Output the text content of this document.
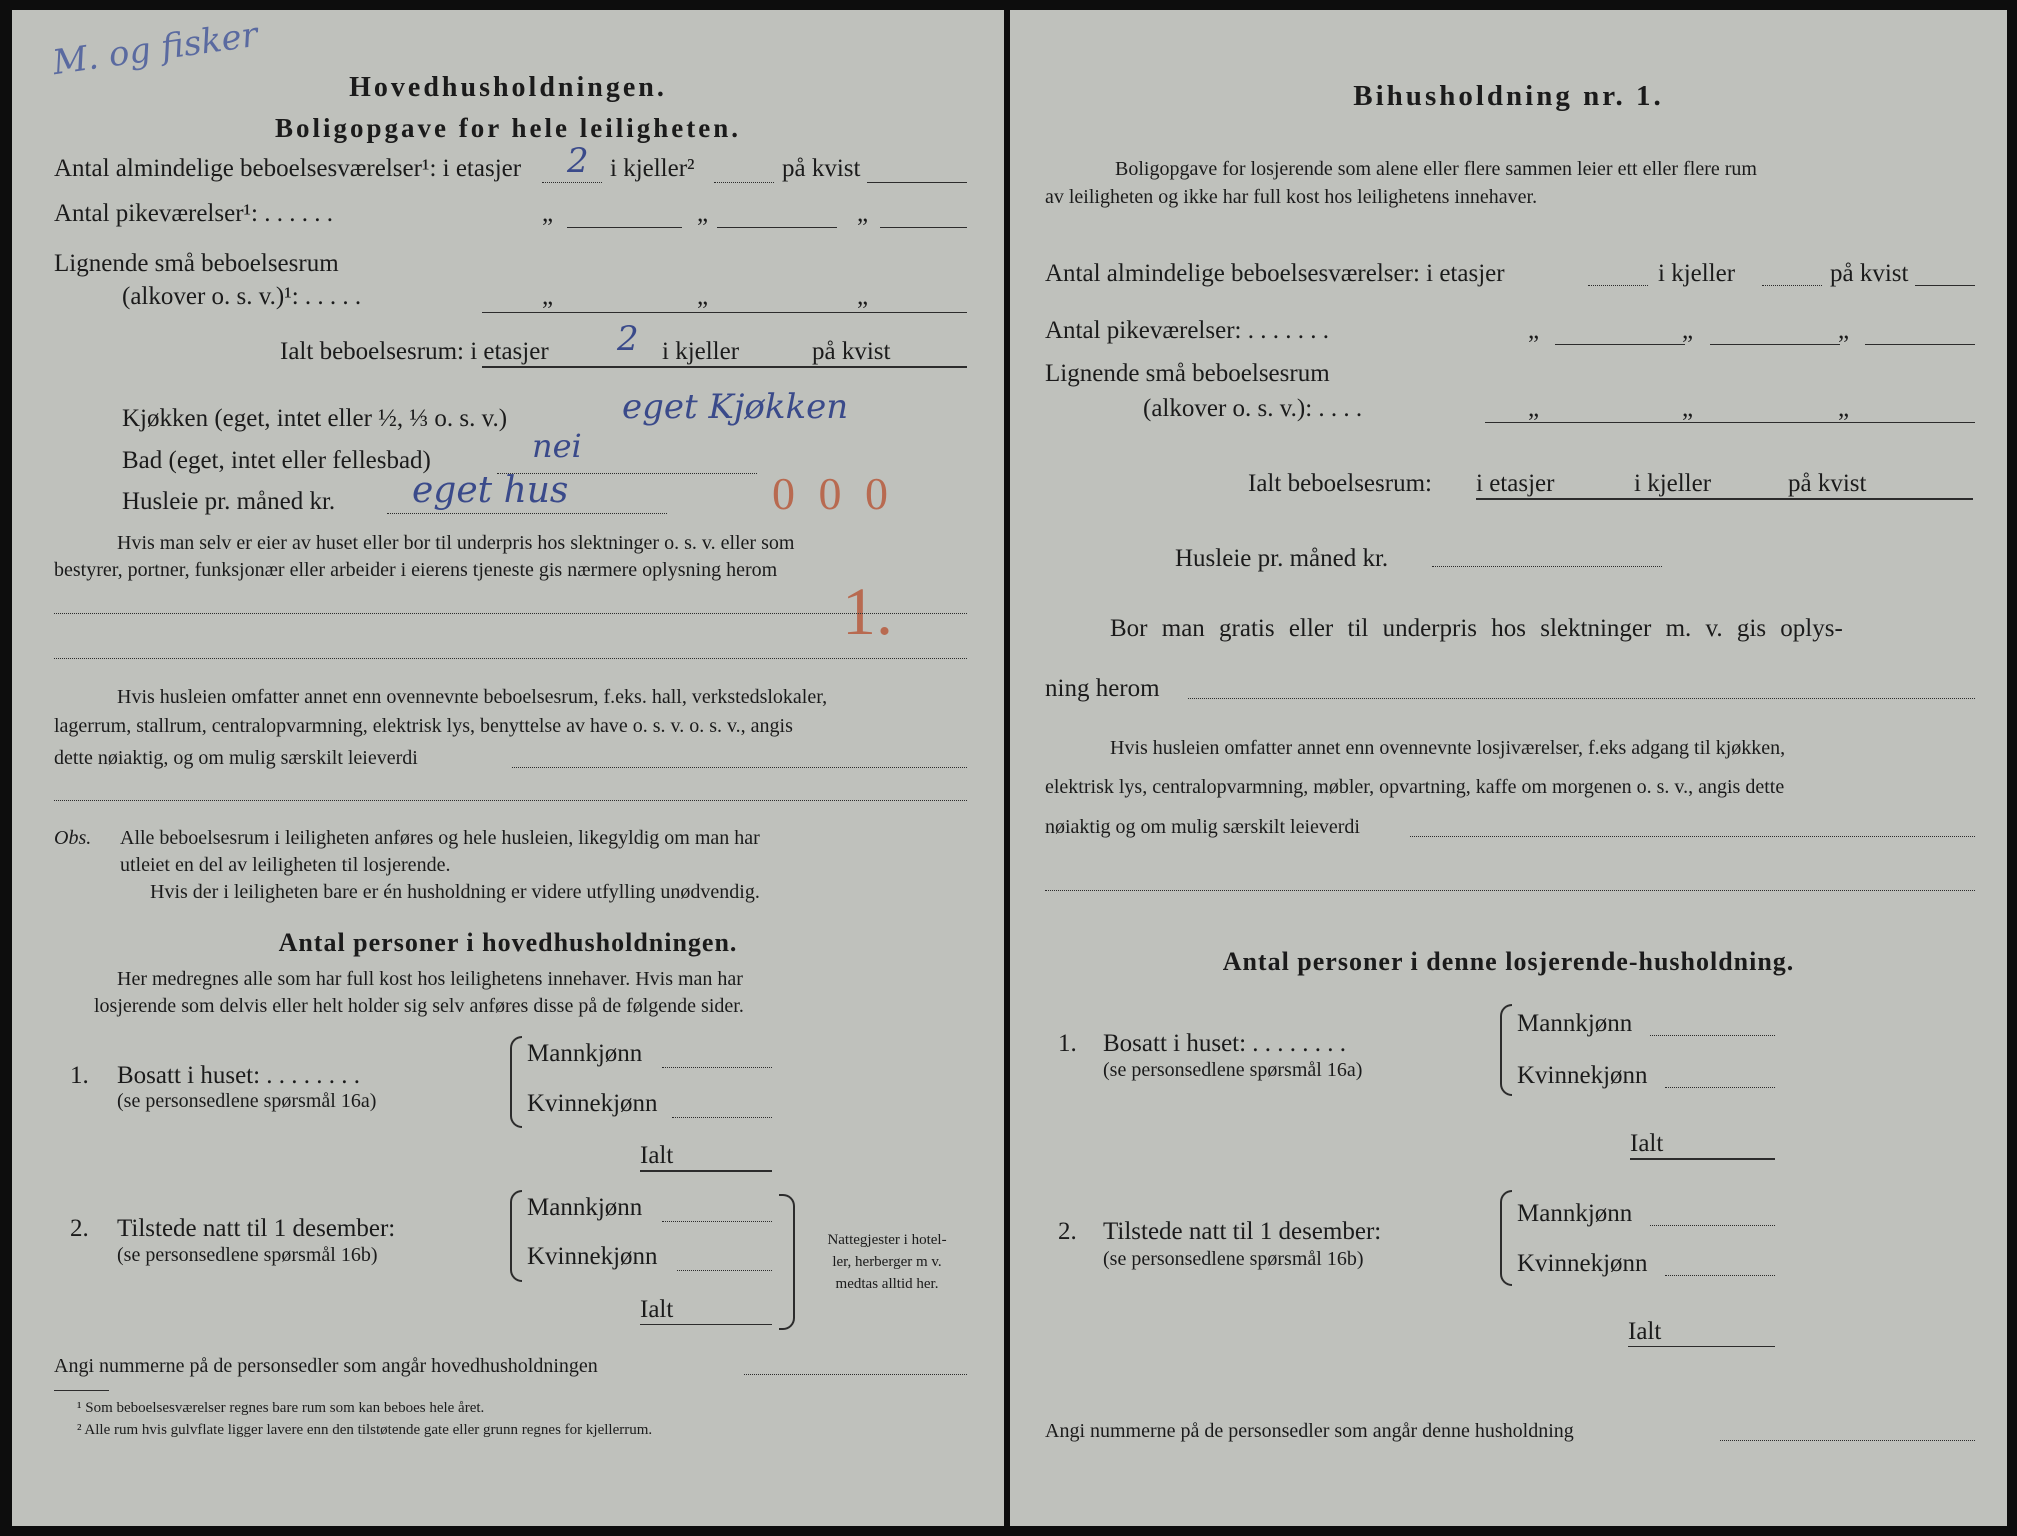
M. og fisker
Hovedhusholdningen.
Boligopgave for hele leiligheten.
Antal almindelige beboelsesværelser¹: i etasjer 2 i kjeller²	på kvist
Antal pikeværelser¹: . . . . . .	„	„	„
Lignende små beboelsesrum
(alkover o. s. v.)¹: . . . . .	„	„	„
Ialt beboelsesrum: i etasjer 2 i kjeller	på kvist
Kjøkken (eget, intet eller ½, ⅓ o. s. v.)	eget Kjøkken
Bad (eget, intet eller fellesbad)	nei
Husleie pr. måned kr. eget hus	0 0 0
Hvis man selv er eier av huset eller bor til underpris hos slektninger o. s. v. eller som
bestyrer, portner, funksjonær eller arbeider i eierens tjeneste gis nærmere oplysning herom
1.
Hvis husleien omfatter annet enn ovennevnte beboelsesrum, f.eks. hall, verkstedslokaler,
lagerrum, stallrum, centralopvarmning, elektrisk lys, benyttelse av have o. s. v. o. s. v., angis
dette nøiaktig, og om mulig særskilt leieverdi
Obs. Alle beboelsesrum i leiligheten anføres og hele husleien, likegyldig om man har
utleiet en del av leiligheten til losjerende.
Hvis der i leiligheten bare er én husholdning er videre utfylling unødvendig.
Antal personer i hovedhusholdningen.
Her medregnes alle som har full kost hos leilighetens innehaver. Hvis man har
losjerende som delvis eller helt holder sig selv anføres disse på de følgende sider.
1. Bosatt i huset: . . . . . . . .
(se personsedlene spørsmål 16a)
Mannkjønn
Kvinnekjønn
Ialt
2. Tilstede natt til 1 desember:
(se personsedlene spørsmål 16b)
Mannkjønn
Kvinnekjønn
Ialt
Nattegjester i hotel-
ler, herberger m v.
medtas alltid her.
Angi nummerne på de personsedler som angår hovedhusholdningen
¹ Som beboelsesværelser regnes bare rum som kan beboes hele året.
² Alle rum hvis gulvflate ligger lavere enn den tilstøtende gate eller grunn regnes for kjellerrum.
Bihusholdning nr. 1.
Boligopgave for losjerende som alene eller flere sammen leier ett eller flere rum
av leiligheten og ikke har full kost hos leilighetens innehaver.
Antal almindelige beboelsesværelser: i etasjer	i kjeller	på kvist
Antal pikeværelser: . . . . . . .	„	„	„
Lignende små beboelsesrum
(alkover o. s. v.): . . . .	„	„	„
Ialt beboelsesrum: i etasjer	i kjeller	på kvist
Husleie pr. måned kr.
Bor man gratis eller til underpris hos slektninger m. v. gis oplys-
ning herom
Hvis husleien omfatter annet enn ovennevnte losjiværelser, f.eks adgang til kjøkken,
elektrisk lys, centralopvarmning, møbler, opvartning, kaffe om morgenen o. s. v., angis dette
nøiaktig og om mulig særskilt leieverdi
Antal personer i denne losjerende-husholdning.
1. Bosatt i huset: . . . . . . . .
(se personsedlene spørsmål 16a)
Mannkjønn
Kvinnekjønn
Ialt
2. Tilstede natt til 1 desember:
(se personsedlene spørsmål 16b)
Mannkjønn
Kvinnekjønn
Ialt
Angi nummerne på de personsedler som angår denne husholdning
